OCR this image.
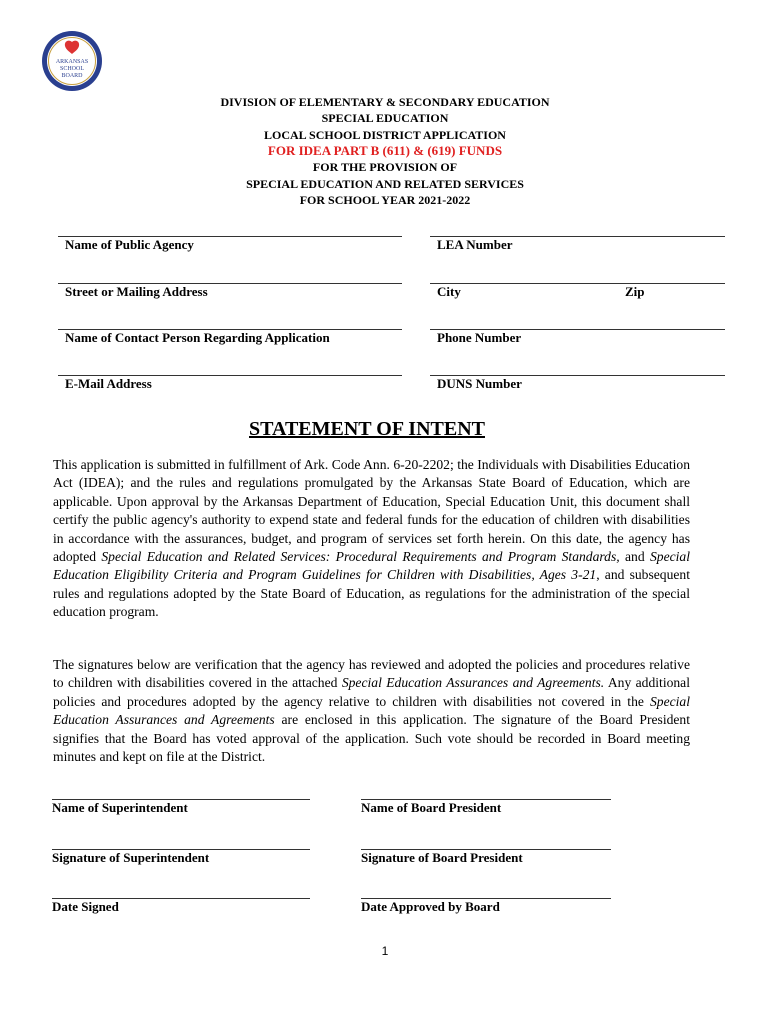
ARKANSAS
SCHOOL
BOARD
DIVISION OF ELEMENTARY & SECONDARY EDUCATION
SPECIAL EDUCATION
LOCAL SCHOOL DISTRICT APPLICATION
FOR IDEA PART B (611) & (619) FUNDS
FOR THE PROVISION OF
SPECIAL EDUCATION AND RELATED SERVICES
FOR SCHOOL YEAR 2021-2022
Name of Public Agency	LEA Number
Street or Mailing Address	City	Zip
Name of Contact Person Regarding Application	Phone Number
E-Mail Address	DUNS Number
STATEMENT OF INTENT

This application is submitted in fulfillment of Ark. Code Ann. 6-20-2202; the Individuals with Disabilities Education Act (IDEA); and the rules and regulations promulgated by the Arkansas State Board of Education, which are applicable. Upon approval by the Arkansas Department of Education, Special Education Unit, this document shall certify the public agency's authority to expend state and federal funds for the education of children with disabilities in accordance with the assurances, budget, and program of services set forth herein. On this date, the agency has adopted Special Education and Related Services: Procedural Requirements and Program Standards, and Special Education Eligibility Criteria and Program Guidelines for Children with Disabilities, Ages 3-21, and subsequent rules and regulations adopted by the State Board of Education, as regulations for the administration of the special education program.

The signatures below are verification that the agency has reviewed and adopted the policies and procedures relative to children with disabilities covered in the attached Special Education Assurances and Agreements. Any additional policies and procedures adopted by the agency relative to children with disabilities not covered in the Special Education Assurances and Agreements are enclosed in this application. The signature of the Board President signifies that the Board has voted approval of the application. Such vote should be recorded in Board meeting minutes and kept on file at the District.

Name of Superintendent	Name of Board President
Signature of Superintendent	Signature of Board President
Date Signed	Date Approved by Board
1
